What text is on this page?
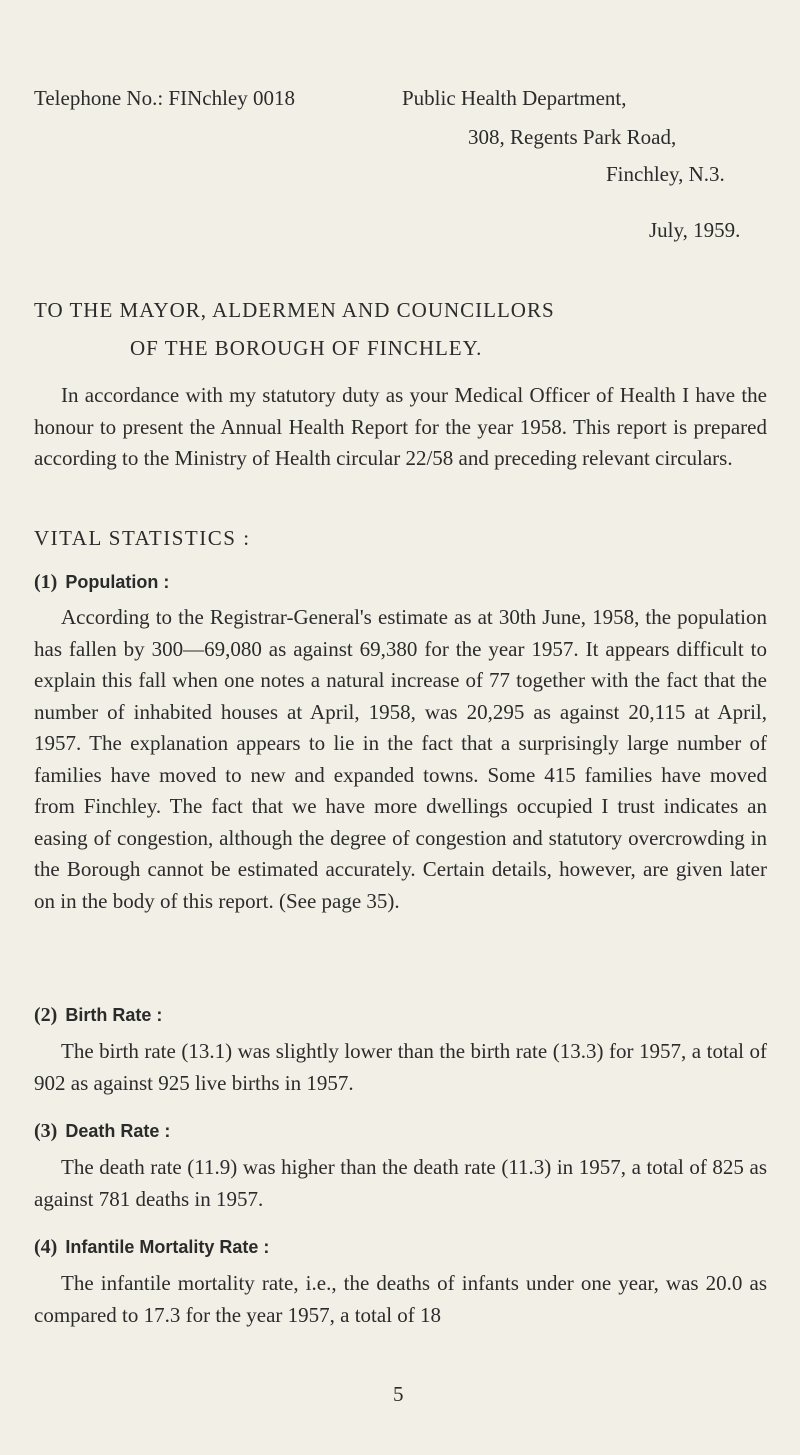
Telephone No.: FINchley 0018	Public Health Department,
308, Regents Park Road,
Finchley, N.3.
July, 1959.
TO THE MAYOR, ALDERMEN AND COUNCILLORS
OF THE BOROUGH OF FINCHLEY.

In accordance with my statutory duty as your Medical Officer of Health I have the honour to present the Annual Health Report for the year 1958. This report is prepared according to the Ministry of Health circular 22/58 and preceding relevant circulars.

VITAL STATISTICS :
(1) Population :

According to the Registrar-General's estimate as at 30th June, 1958, the population has fallen by 300—69,080 as against 69,380 for the year 1957. It appears difficult to explain this fall when one notes a natural increase of 77 together with the fact that the number of inhabited houses at April, 1958, was 20,295 as against 20,115 at April, 1957. The explanation appears to lie in the fact that a surprisingly large number of families have moved to new and expanded towns. Some 415 families have moved from Finchley. The fact that we have more dwellings occupied I trust indicates an easing of congestion, although the degree of congestion and statutory overcrowding in the Borough cannot be estimated accurately. Certain details, however, are given later on in the body of this report. (See page 35).

(2) Birth Rate :

The birth rate (13.1) was slightly lower than the birth rate (13.3) for 1957, a total of 902 as against 925 live births in 1957.

(3) Death Rate :

The death rate (11.9) was higher than the death rate (11.3) in 1957, a total of 825 as against 781 deaths in 1957.

(4) Infantile Mortality Rate :

The infantile mortality rate, i.e., the deaths of infants under one year, was 20.0 as compared to 17.3 for the year 1957, a total of 18

5
